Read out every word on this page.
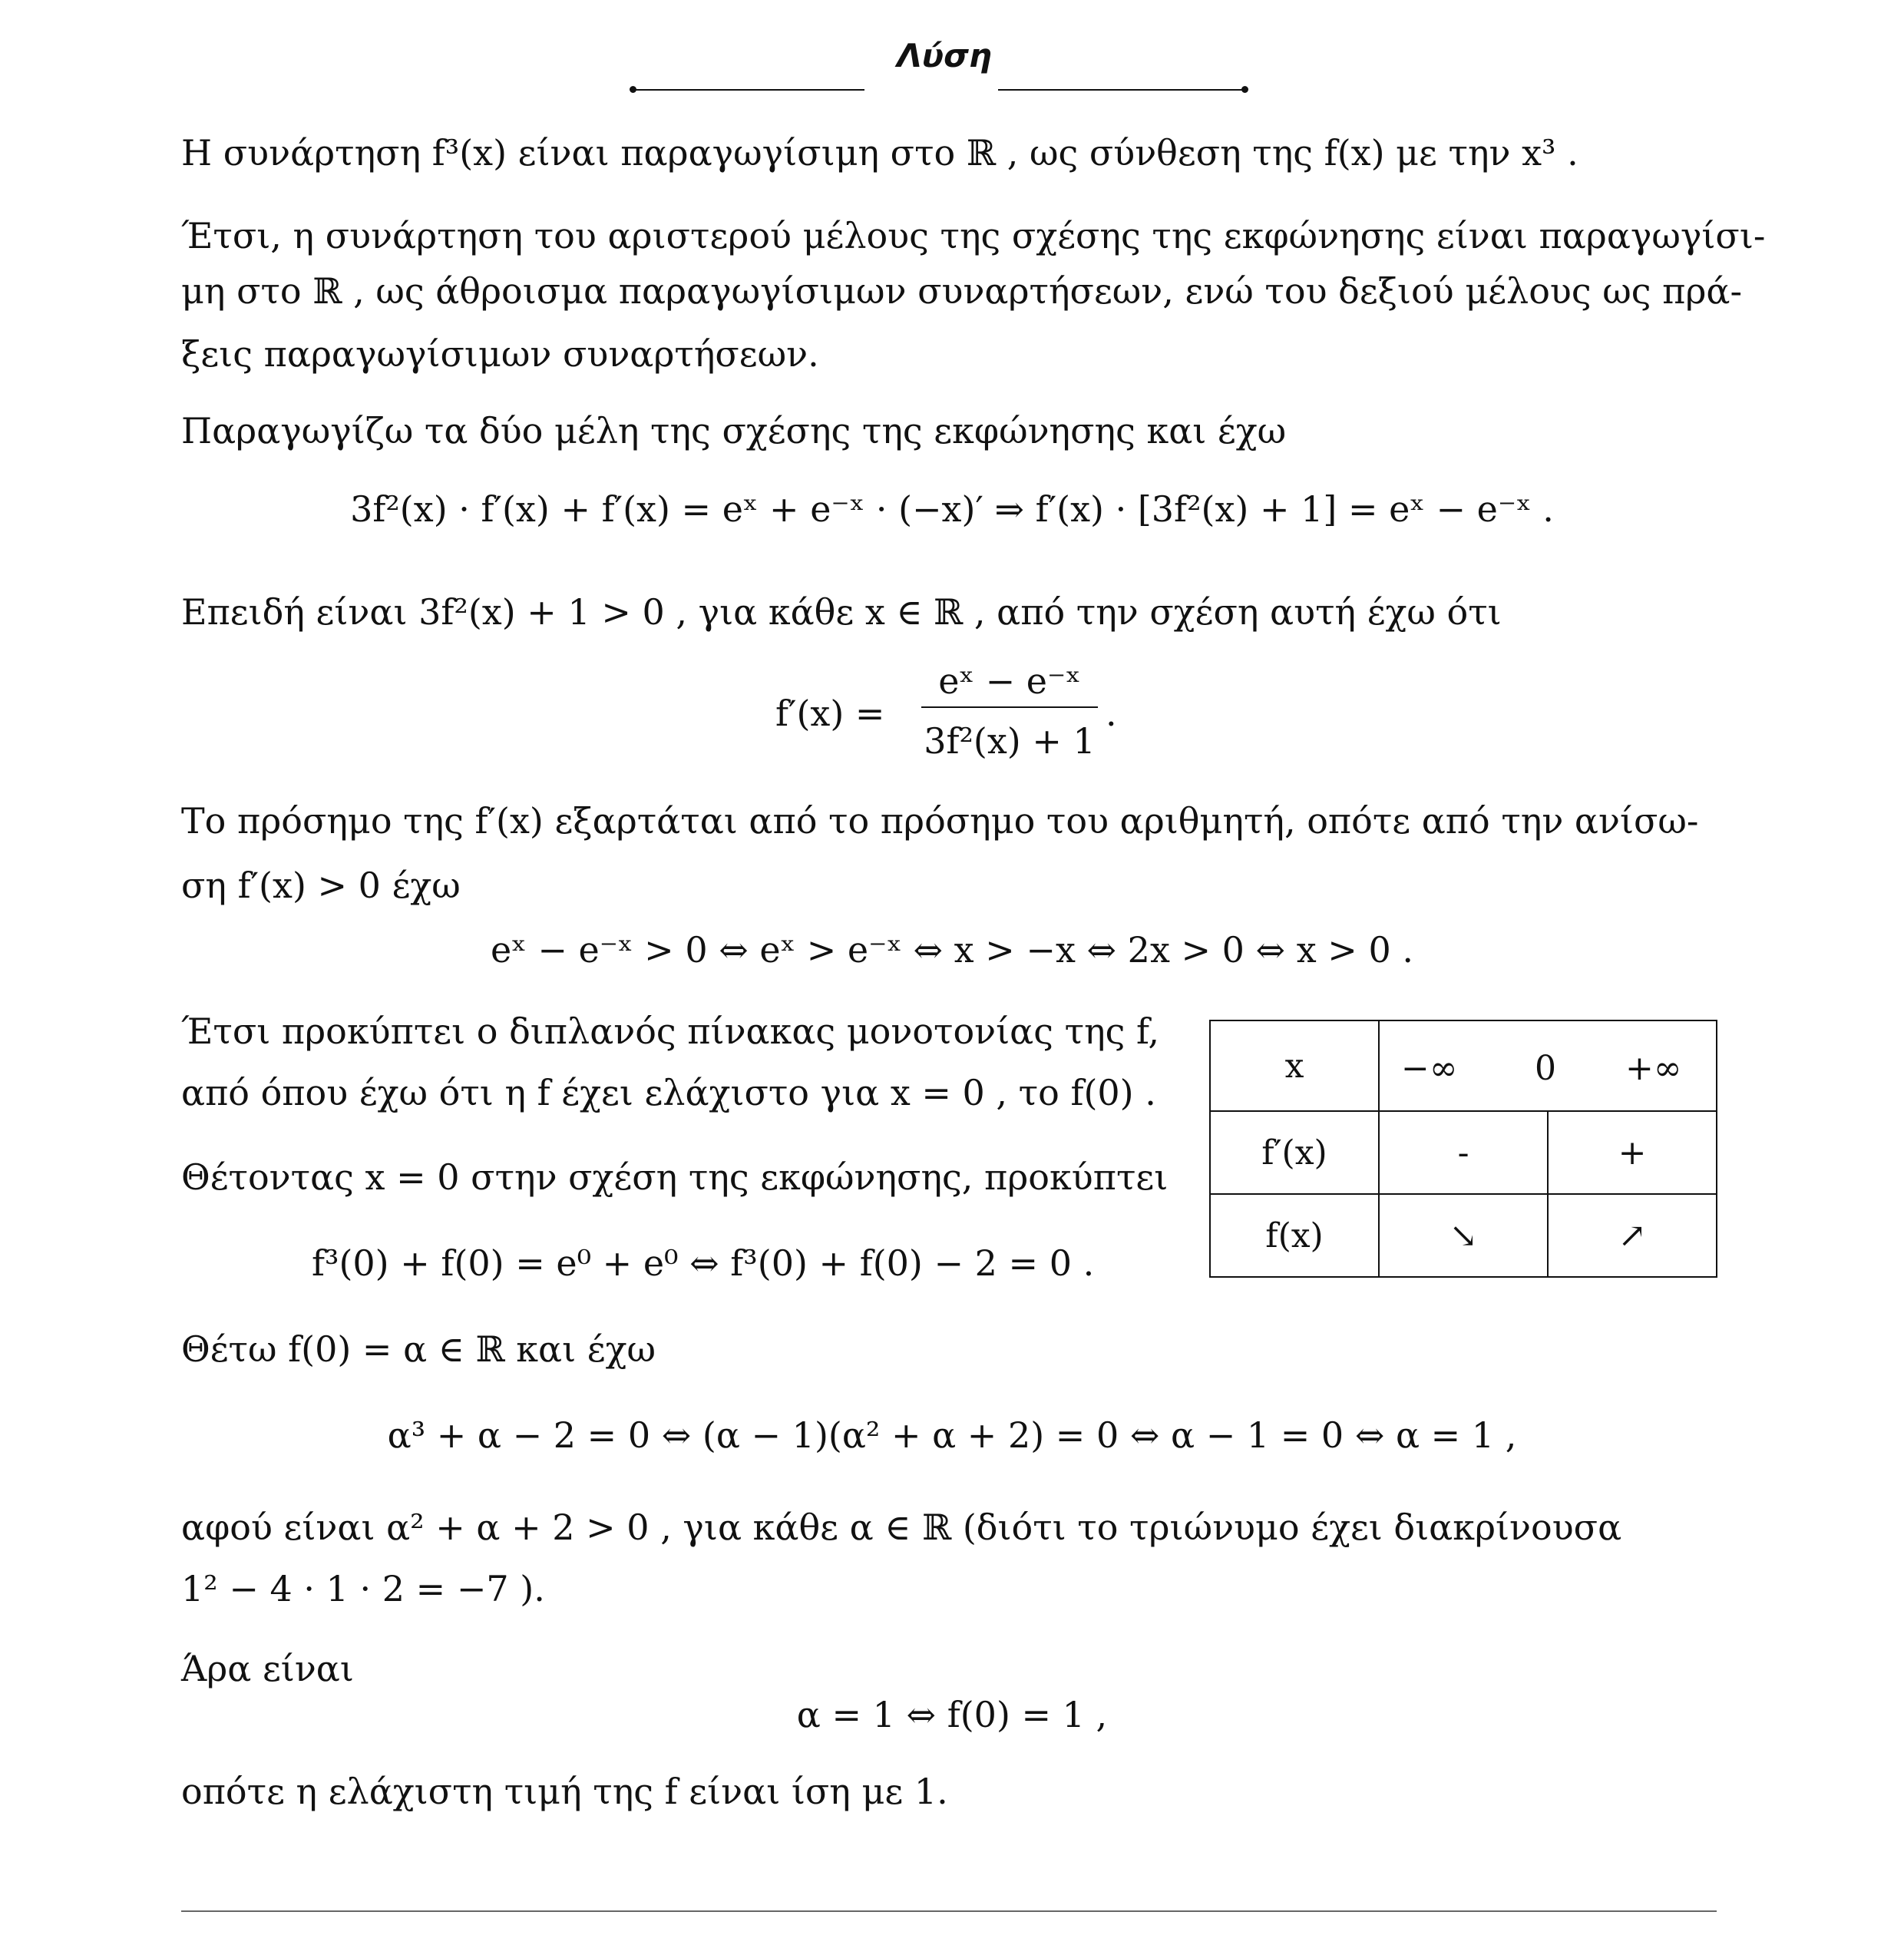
Λύση
Η συνάρτηση f³(x) είναι παραγωγίσιμη στο ℝ , ως σύνθεση της f(x) με την x³ .
Έτσι, η συνάρτηση του αριστερού μέλους της σχέσης της εκφώνησης είναι παραγωγίσι-
μη στο ℝ , ως άθροισμα παραγωγίσιμων συναρτήσεων, ενώ του δεξιού μέλους ως πρά-
ξεις παραγωγίσιμων συναρτήσεων.
Παραγωγίζω τα δύο μέλη της σχέσης της εκφώνησης και έχω
3f²(x) · f′(x) + f′(x) = eˣ + e⁻ˣ · (−x)′ ⇒ f′(x) · [3f²(x) + 1] = eˣ − e⁻ˣ .
Επειδή είναι 3f²(x) + 1 > 0 , για κάθε x ∈ ℝ , από την σχέση αυτή έχω ότι
f′(x) =
eˣ − e⁻ˣ
3f²(x) + 1
.
Το πρόσημο της f′(x) εξαρτάται από το πρόσημο του αριθμητή, οπότε από την ανίσω-
ση f′(x) > 0 έχω
eˣ − e⁻ˣ > 0 ⇔ eˣ > e⁻ˣ ⇔ x > −x ⇔ 2x > 0 ⇔ x > 0 .
Έτσι προκύπτει ο διπλανός πίνακας μονοτονίας της f,
από όπου έχω ότι η f έχει ελάχιστο για x = 0 , το f(0) .
Θέτοντας x = 0 στην σχέση της εκφώνησης, προκύπτει
f³(0) + f(0) = e⁰ + e⁰ ⇔ f³(0) + f(0) − 2 = 0 .
x	−∞ 0 +∞	

f′(x)	-	+
f(x)	↘	↗
Θέτω f(0) = α ∈ ℝ και έχω
α³ + α − 2 = 0 ⇔ (α − 1)(α² + α + 2) = 0 ⇔ α − 1 = 0 ⇔ α = 1 ,
αφού είναι α² + α + 2 > 0 , για κάθε α ∈ ℝ (διότι το τριώνυμο έχει διακρίνουσα
1² − 4 · 1 · 2 = −7 ).
Άρα είναι
α = 1 ⇔ f(0) = 1 ,
οπότε η ελάχιστη τιμή της f είναι ίση με 1.
